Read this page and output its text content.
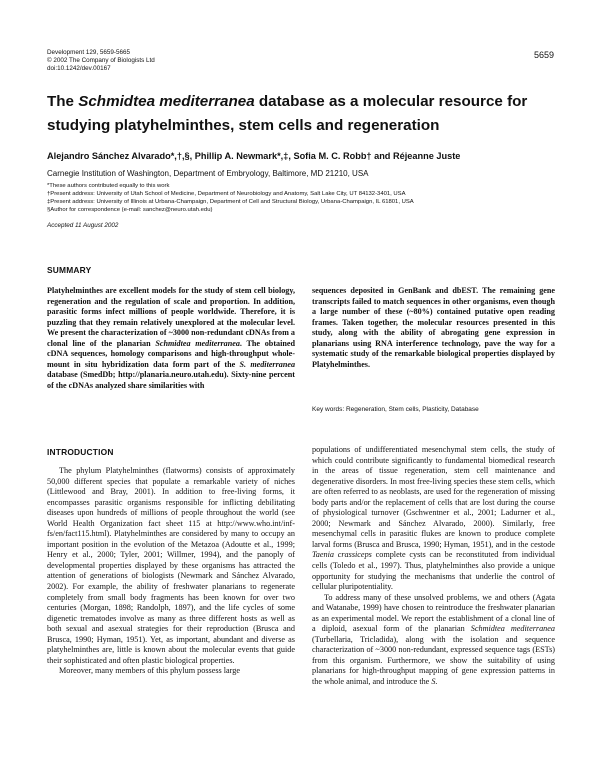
Development 129, 5659-5665
© 2002 The Company of Biologists Ltd
doi:10.1242/dev.00167
5659
The Schmidtea mediterranea database as a molecular resource for studying platyhelminthes, stem cells and regeneration
Alejandro Sánchez Alvarado*,†,§, Phillip A. Newmark*,‡, Sofia M. C. Robb† and Réjeanne Juste
Carnegie Institution of Washington, Department of Embryology, Baltimore, MD 21210, USA
*These authors contributed equally to this work
†Present address: University of Utah School of Medicine, Department of Neurobiology and Anatomy, Salt Lake City, UT 84132-3401, USA
‡Present address: University of Illinois at Urbana-Champaign, Department of Cell and Structural Biology, Urbana-Champaign, IL 61801, USA
§Author for correspondence (e-mail: sanchez@neuro.utah.edu)
Accepted 11 August 2002
SUMMARY
Platyhelminthes are excellent models for the study of stem cell biology, regeneration and the regulation of scale and proportion. In addition, parasitic forms infect millions of people worldwide. Therefore, it is puzzling that they remain relatively unexplored at the molecular level. We present the characterization of ~3000 non-redundant cDNAs from a clonal line of the planarian Schmidtea mediterranea. The obtained cDNA sequences, homology comparisons and high-throughput whole-mount in situ hybridization data form part of the S. mediterranea database (SmedDb; http://planaria.neuro.utah.edu). Sixty-nine percent of the cDNAs analyzed share similarities with
sequences deposited in GenBank and dbEST. The remaining gene transcripts failed to match sequences in other organisms, even though a large number of these (~80%) contained putative open reading frames. Taken together, the molecular resources presented in this study, along with the ability of abrogating gene expression in planarians using RNA interference technology, pave the way for a systematic study of the remarkable biological properties displayed by Platyhelminthes.
Key words: Regeneration, Stem cells, Plasticity, Database
INTRODUCTION

The phylum Platyhelminthes (flatworms) consists of approximately 50,000 different species that populate a remarkable variety of niches (Littlewood and Bray, 2001). In addition to free-living forms, it encompasses parasitic organisms responsible for inflicting debilitating diseases upon hundreds of millions of people throughout the world (see World Health Organization fact sheet 115 at http://www.who.int/inf-fs/en/fact115.html). Platyhelminthes are considered by many to occupy an important position in the evolution of the Metazoa (Adoutte et al., 1999; Henry et al., 2000; Tyler, 2001; Willmer, 1994), and the panoply of developmental properties displayed by these organisms has attracted the attention of generations of biologists (Newmark and Sánchez Alvarado, 2002). For example, the ability of freshwater planarians to regenerate completely from small body fragments has been known for over two centuries (Morgan, 1898; Randolph, 1897), and the life cycles of some digenetic trematodes involve as many as three different hosts as well as both sexual and asexual strategies for their reproduction (Brusca and Brusca, 1990; Hyman, 1951). Yet, as important, abundant and diverse as platyhelminthes are, little is known about the molecular events that guide their sophisticated and often plastic biological properties.

Moreover, many members of this phylum possess large

populations of undifferentiated mesenchymal stem cells, the study of which could contribute significantly to fundamental biomedical research in the areas of tissue regeneration, stem cell maintenance and degenerative disorders. In most free-living species these stem cells, which are often referred to as neoblasts, are used for the regeneration of missing body parts and/or the replacement of cells that are lost during the course of physiological turnover (Gschwentner et al., 2001; Ladurner et al., 2000; Newmark and Sánchez Alvarado, 2000). Similarly, free mesenchymal cells in parasitic flukes are known to produce complete larval forms (Brusca and Brusca, 1990; Hyman, 1951), and in the cestode Taenia crassiceps complete cysts can be reconstituted from individual cells (Toledo et al., 1997). Thus, platyhelminthes also provide a unique opportunity for studying the mechanisms that underlie the control of cellular pluripotentiality.

To address many of these unsolved problems, we and others (Agata and Watanabe, 1999) have chosen to reintroduce the freshwater planarian as an experimental model. We report the establishment of a clonal line of a diploid, asexual form of the planarian Schmidtea mediterranea (Turbellaria, Tricladida), along with the isolation and sequence characterization of ~3000 non-redundant, expressed sequence tags (ESTs) from this organism. Furthermore, we show the suitability of using planarians for high-throughput mapping of gene expression patterns in the whole animal, and introduce the S.
